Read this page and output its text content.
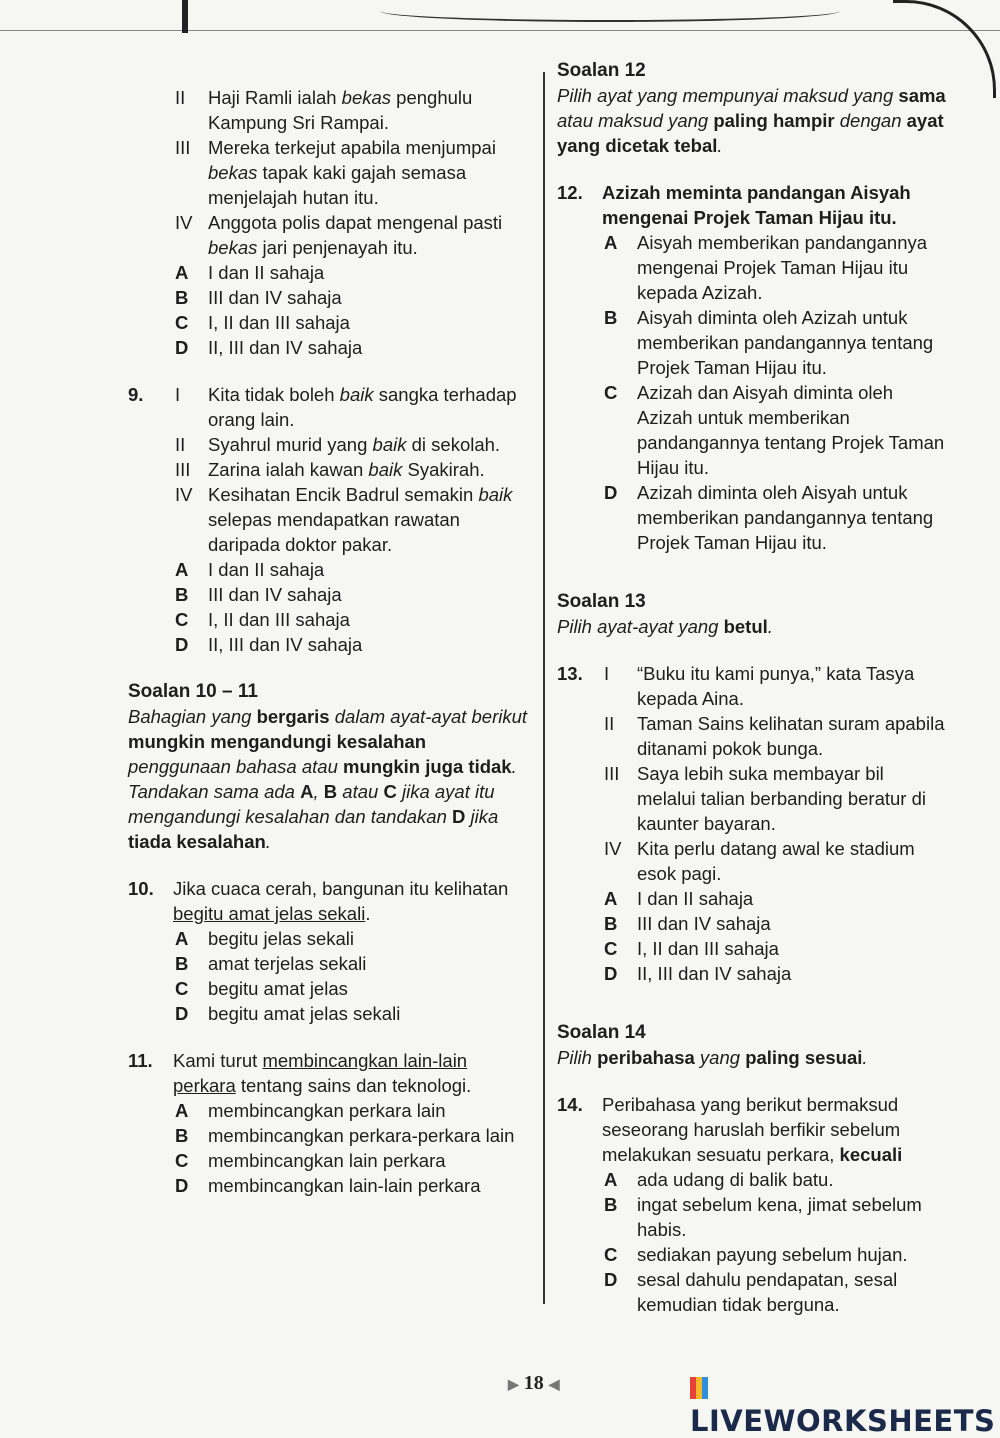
II Haji Ramli ialah bekas penghulu Kampung Sri Rampai.
III Mereka terkejut apabila menjumpai bekas tapak kaki gajah semasa menjelajah hutan itu.
IV Anggota polis dapat mengenal pasti bekas jari penjenayah itu.
A I dan II sahaja
B III dan IV sahaja
C I, II dan III sahaja
D II, III dan IV sahaja
9. I Kita tidak boleh baik sangka terhadap orang lain.
II Syahrul murid yang baik di sekolah.
III Zarina ialah kawan baik Syakirah.
IV Kesihatan Encik Badrul semakin baik selepas mendapatkan rawatan daripada doktor pakar.
A I dan II sahaja
B III dan IV sahaja
C I, II dan III sahaja
D II, III dan IV sahaja
Soalan 10 – 11
Bahagian yang bergaris dalam ayat-ayat berikut mungkin mengandungi kesalahan penggunaan bahasa atau mungkin juga tidak. Tandakan sama ada A, B atau C jika ayat itu mengandungi kesalahan dan tandakan D jika tiada kesalahan.
10.	Jika cuaca cerah, bangunan itu kelihatan begitu amat jelas sekali.
A begitu jelas sekali
B amat terjelas sekali
C begitu amat jelas
D begitu amat jelas sekali
11.	Kami turut membincangkan lain-lain perkara tentang sains dan teknologi.
A membincangkan perkara lain
B membincangkan perkara-perkara lain
C membincangkan lain perkara
D membincangkan lain-lain perkara
Soalan 12
Pilih ayat yang mempunyai maksud yang sama atau maksud yang paling hampir dengan ayat yang dicetak tebal.
12.	Azizah meminta pandangan Aisyah mengenai Projek Taman Hijau itu.
A Aisyah memberikan pandangannya mengenai Projek Taman Hijau itu kepada Azizah.
B Aisyah diminta oleh Azizah untuk memberikan pandangannya tentang Projek Taman Hijau itu.
C Azizah dan Aisyah diminta oleh Azizah untuk memberikan pandangannya tentang Projek Taman Hijau itu.
D Azizah diminta oleh Aisyah untuk memberikan pandangannya tentang Projek Taman Hijau itu.
Soalan 13
Pilih ayat-ayat yang betul.
13. I “Buku itu kami punya,” kata Tasya kepada Aina.
II Taman Sains kelihatan suram apabila ditanami pokok bunga.
III Saya lebih suka membayar bil melalui talian berbanding beratur di kaunter bayaran.
IV Kita perlu datang awal ke stadium esok pagi.
A I dan II sahaja
B III dan IV sahaja
C I, II dan III sahaja
D II, III dan IV sahaja
Soalan 14
Pilih peribahasa yang paling sesuai.
14.	Peribahasa yang berikut bermaksud seseorang haruslah berfikir sebelum melakukan sesuatu perkara, kecuali
A ada udang di balik batu.
B ingat sebelum kena, jimat sebelum habis.
C sediakan payung sebelum hujan.
D sesal dahulu pendapatan, sesal kemudian tidak berguna.
▶ 18 ◀
LIVEWORKSHEETS
